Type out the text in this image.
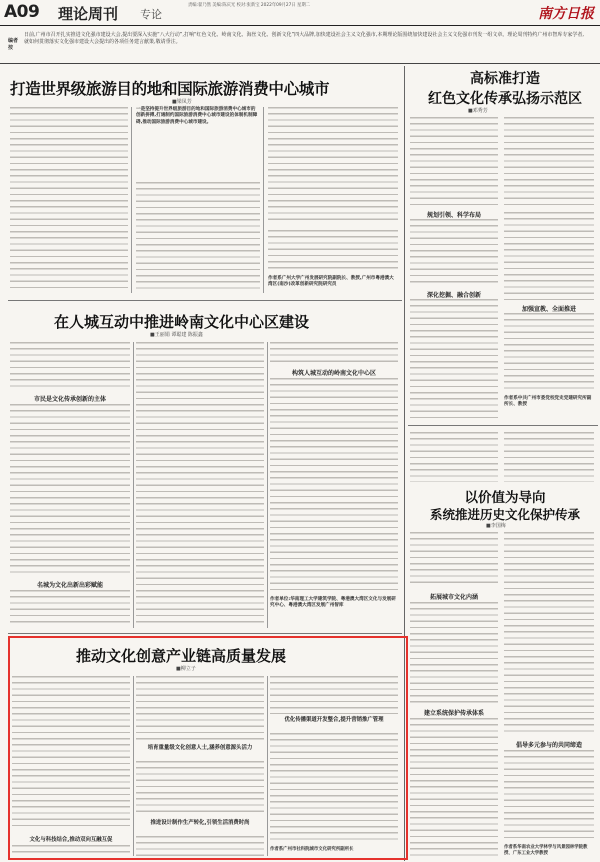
A09 理论周刊 专论
责编:翟乃然 美编:陈庆光 校对:张新宝 2022年09月27日 星期二
南方日报
编者按
日前,广州市召开扎实推进文化强市建设大会,提出要深入实施“八大行动”,打响“红色文化、岭南文化、海丝文化、创新文化”四大品牌,加快建设社会主义文化强市,本期理论版围绕加快建设社会主义文化强市刊发一组文章。理论周刊特约广州市智库专家学者,就如何贯彻落实文化强市建设大会提出的各项任务建言献策,敬请垂注。
打造世界级旅游目的地和国际旅游消费中心城市
■梁凤芳
一是坚持提升世界级旅游目的地和国际旅游消费中心城市的创新拼搏,打通制约国际旅游消费中心城市建设的体制机制障碍,推动国际旅游消费中心城市建设。
作者系广州大学广州发展研究院副院长、教授,广州市粤港澳大湾区(南沙)改革创新研究院研究员
高标准打造
红色文化传承弘扬示范区
■邓秀芳
规划引领、科学布局
深化挖掘、融合创新
加强宣教、全面推进
作者系中共广州市委党校党史党建研究所副所长、教授
在人城互动中推进岭南文化中心区建设
■王丽娟 谭聪建 陈振鑫
市民是文化传承创新的主体
名城为文化出新出彩赋能
构筑人城互动的岭南文化中心区
作者单位:华南理工大学建筑学院、粤港澳大湾区文化与发展研究中心、粤港澳大湾区发展广州智库
以价值为导向
系统推进历史文化保护传承
■李国梅
拓展城市文化内涵
建立系统保护传承体系
倡导多元参与的共同缔造
作者系华南农业大学林学与风景园林学院教授、广东工业大学教授
推动文化创意产业链高质量发展
■柳立子
文化与科技结合,推动双向互融互促
培育重量级文化创意人士,涵养创意源头活力
推进设计制作生产转化,引领生活消费时尚
优化传播渠道开发整合,提升营销推广管理
作者系广州市社科院城市文化研究所副所长
